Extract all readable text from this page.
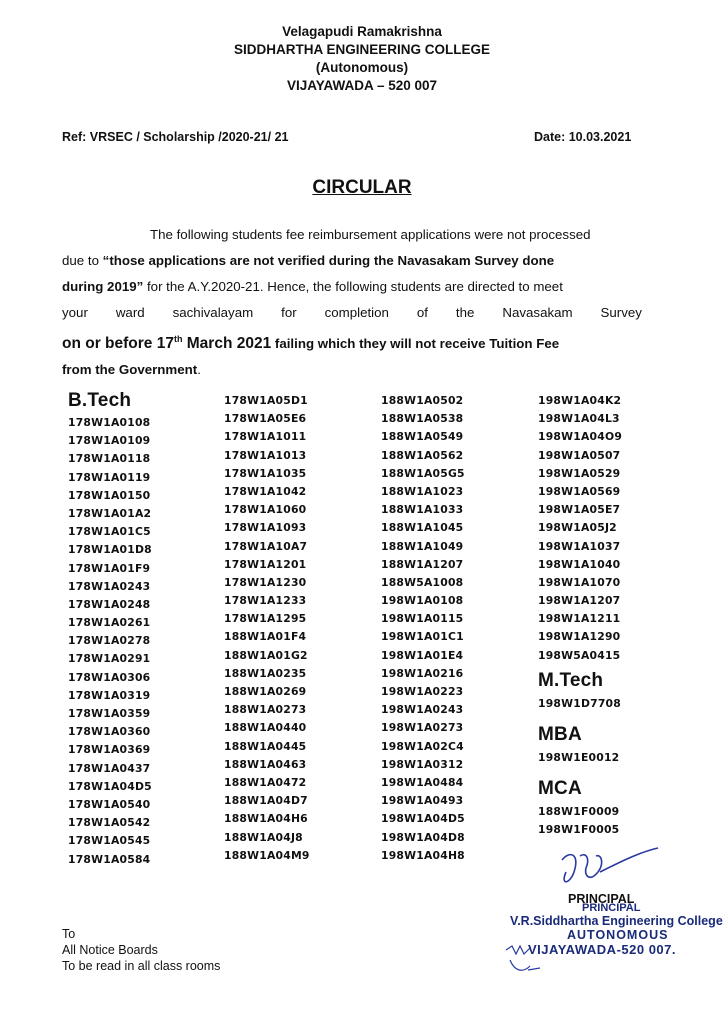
Velagapudi Ramakrishna
SIDDHARTHA ENGINEERING COLLEGE
(Autonomous)
VIJAYAWADA – 520 007
Ref: VRSEC / Scholarship /2020-21/ 21	Date: 10.03.2021
CIRCULAR
The following students fee reimbursement applications were not processed
due to “those applications are not verified during the Navasakam Survey done
during 2019” for the A.Y.2020-21. Hence, the following students are directed to meet
your ward sachivalayam for completion of the Navasakam Survey
on or before 17th March 2021 failing which they will not receive Tuition Fee
from the Government.
B.Tech
178W1A0108
178W1A0109
178W1A0118
178W1A0119
178W1A0150
178W1A01A2
178W1A01C5
178W1A01D8
178W1A01F9
178W1A0243
178W1A0248
178W1A0261
178W1A0278
178W1A0291
178W1A0306
178W1A0319
178W1A0359
178W1A0360
178W1A0369
178W1A0437
178W1A04D5
178W1A0540
178W1A0542
178W1A0545
178W1A0584
178W1A05D1
178W1A05E6
178W1A1011
178W1A1013
178W1A1035
178W1A1042
178W1A1060
178W1A1093
178W1A10A7
178W1A1201
178W1A1230
178W1A1233
178W1A1295
188W1A01F4
188W1A01G2
188W1A0235
188W1A0269
188W1A0273
188W1A0440
188W1A0445
188W1A0463
188W1A0472
188W1A04D7
188W1A04H6
188W1A04J8
188W1A04M9
188W1A0502
188W1A0538
188W1A0549
188W1A0562
188W1A05G5
188W1A1023
188W1A1033
188W1A1045
188W1A1049
188W1A1207
188W5A1008
198W1A0108
198W1A0115
198W1A01C1
198W1A01E4
198W1A0216
198W1A0223
198W1A0243
198W1A0273
198W1A02C4
198W1A0312
198W1A0484
198W1A0493
198W1A04D5
198W1A04D8
198W1A04H8
198W1A04K2
198W1A04L3
198W1A04O9
198W1A0507
198W1A0529
198W1A0569
198W1A05E7
198W1A05J2
198W1A1037
198W1A1040
198W1A1070
198W1A1207
198W1A1211
198W1A1290
198W5A0415
M.Tech
198W1D7708
MBA
198W1E0012
MCA
188W1F0009
198W1F0005
PRINCIPAL
PRINCIPAL
V.R.Siddhartha Engineering College
AUTONOMOUS
VIJAYAWADA-520 007.
To
All Notice Boards
To be read in all class rooms
